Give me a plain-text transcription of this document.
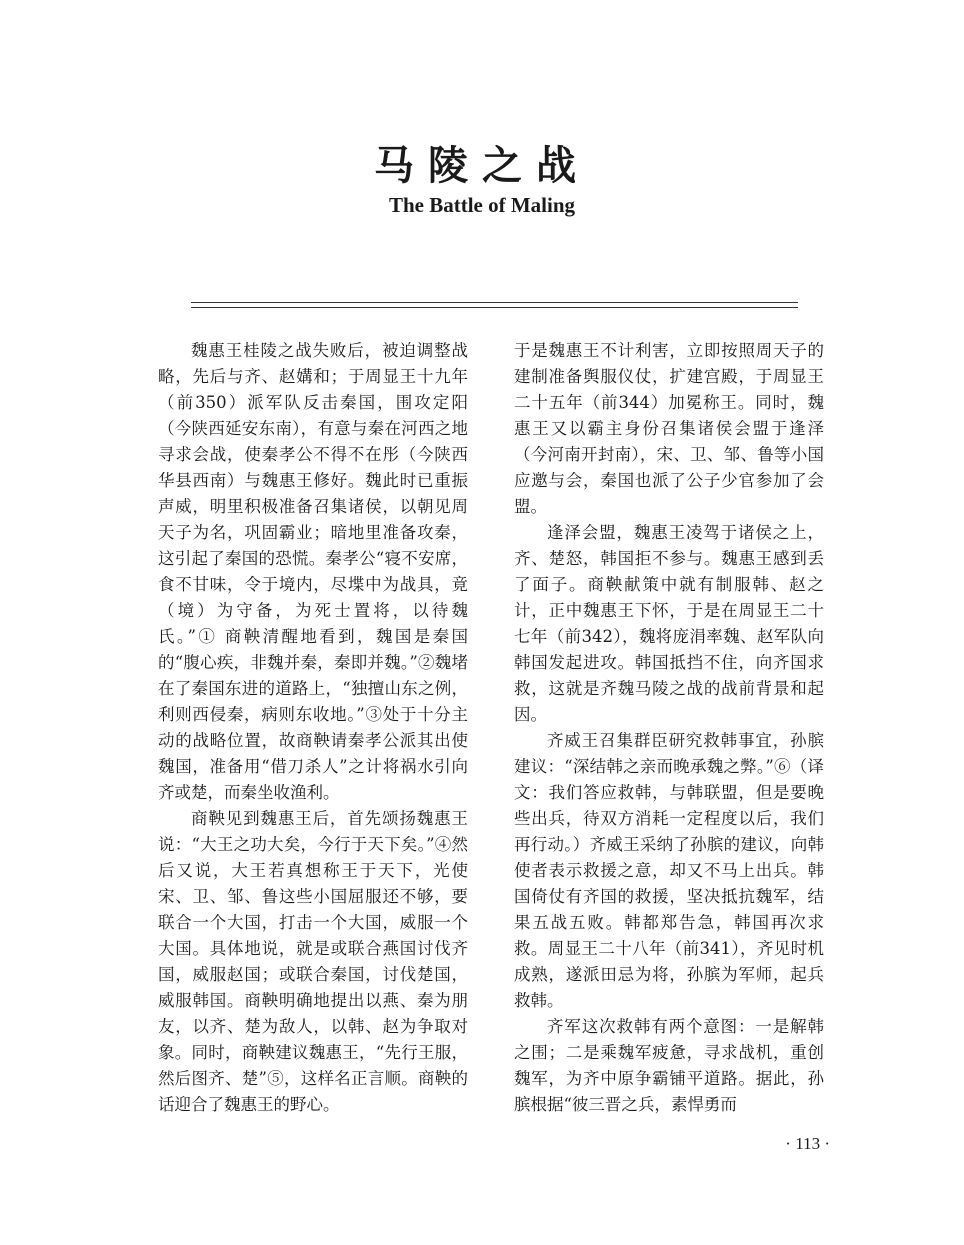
马陵之战
The Battle of Maling

魏惠王桂陵之战失败后，被迫调整战略，先后与齐、赵媾和；于周显王十九年（前350）派军队反击秦国，围攻定阳（今陕西延安东南），有意与秦在河西之地寻求会战，使秦孝公不得不在彤（今陕西华县西南）与魏惠王修好。魏此时已重振声威，明里积极准备召集诸侯，以朝见周天子为名，巩固霸业；暗地里准备攻秦，这引起了秦国的恐慌。秦孝公“寝不安席，食不甘味，令于境内，尽堞中为战具，竟（境）为守备，为死士置将，以待魏氏。”① 商鞅清醒地看到，魏国是秦国的“腹心疾，非魏并秦，秦即并魏。”②魏堵在了秦国东进的道路上，“独擅山东之例，利则西侵秦，病则东收地。”③处于十分主动的战略位置，故商鞅请秦孝公派其出使魏国，准备用“借刀杀人”之计将祸水引向齐或楚，而秦坐收渔利。

商鞅见到魏惠王后，首先颂扬魏惠王说：“大王之功大矣，今行于天下矣。”④然后又说，大王若真想称王于天下，光使宋、卫、邹、鲁这些小国屈服还不够，要联合一个大国，打击一个大国，威服一个大国。具体地说，就是或联合燕国讨伐齐国，威服赵国；或联合秦国，讨伐楚国，威服韩国。商鞅明确地提出以燕、秦为朋友，以齐、楚为敌人，以韩、赵为争取对象。同时，商鞅建议魏惠王，“先行王服，然后图齐、楚”⑤，这样名正言顺。商鞅的话迎合了魏惠王的野心。

于是魏惠王不计利害，立即按照周天子的建制准备舆服仪仗，扩建宫殿，于周显王二十五年（前344）加冕称王。同时，魏惠王又以霸主身份召集诸侯会盟于逢泽（今河南开封南），宋、卫、邹、鲁等小国应邀与会，秦国也派了公子少官参加了会盟。

逢泽会盟，魏惠王凌驾于诸侯之上，齐、楚怒，韩国拒不参与。魏惠王感到丢了面子。商鞅献策中就有制服韩、赵之计，正中魏惠王下怀，于是在周显王二十七年（前342），魏将庞涓率魏、赵军队向韩国发起进攻。韩国抵挡不住，向齐国求救，这就是齐魏马陵之战的战前背景和起因。

齐威王召集群臣研究救韩事宜，孙膑建议：“深结韩之亲而晚承魏之弊。”⑥（译文：我们答应救韩，与韩联盟，但是要晚些出兵，待双方消耗一定程度以后，我们再行动。）齐威王采纳了孙膑的建议，向韩使者表示救援之意，却又不马上出兵。韩国倚仗有齐国的救援，坚决抵抗魏军，结果五战五败。韩都郑告急，韩国再次求救。周显王二十八年（前341），齐见时机成熟，遂派田忌为将，孙膑为军师，起兵救韩。

齐军这次救韩有两个意图：一是解韩之围；二是乘魏军疲惫，寻求战机，重创魏军，为齐中原争霸铺平道路。据此，孙膑根据“彼三晋之兵，素悍勇而

· 113 ·
